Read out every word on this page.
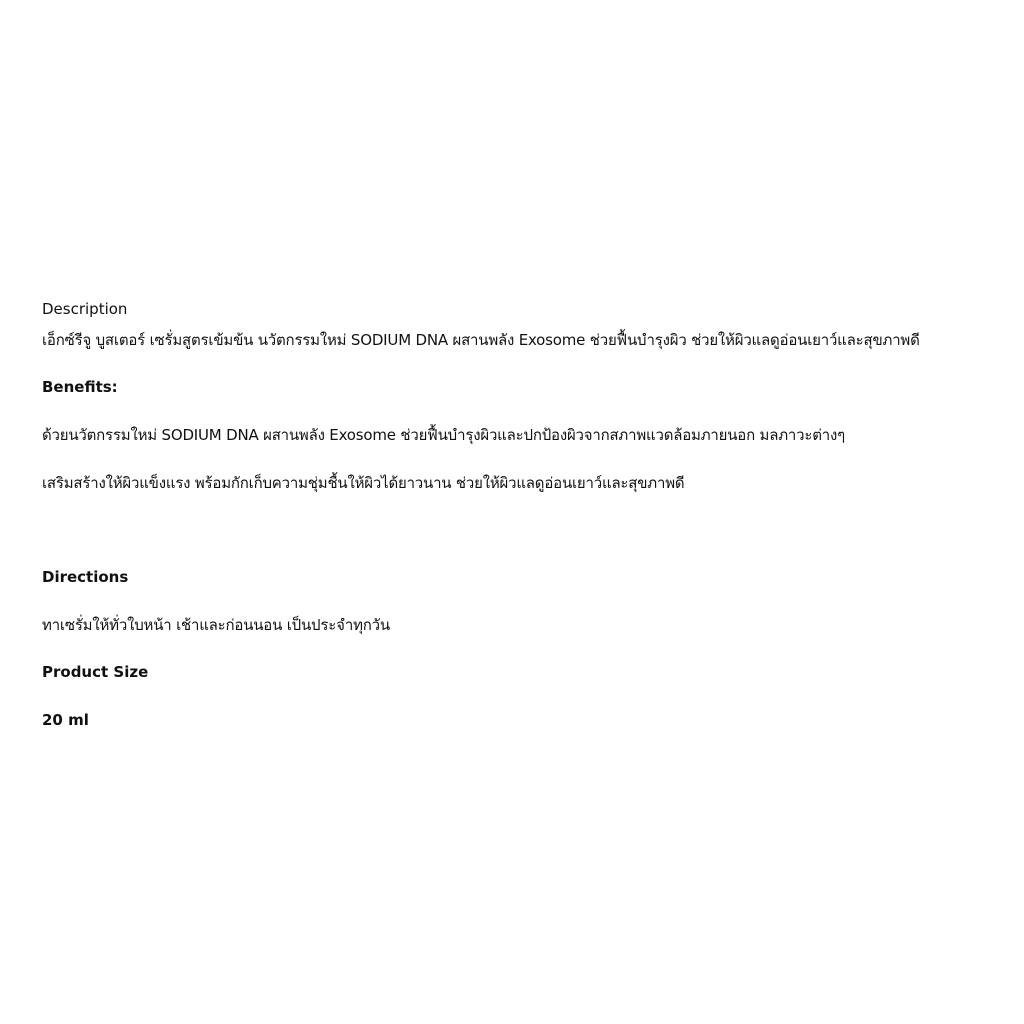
Description
เอ็กซ์รีจู บูสเตอร์ เซรั่มสูตรเข้มข้น นวัตกรรมใหม่ SODIUM DNA ผสานพลัง Exosome ช่วยฟื้นบำรุงผิว ช่วยให้ผิวแลดูอ่อนเยาว์และสุขภาพดี
Benefits:
ด้วยนวัตกรรมใหม่ SODIUM DNA ผสานพลัง Exosome ช่วยฟื้นบำรุงผิวและปกป้องผิวจากสภาพแวดล้อมภายนอก มลภาวะต่างๆ
เสริมสร้างให้ผิวแข็งแรง พร้อมกักเก็บความชุ่มชื้นให้ผิวได้ยาวนาน ช่วยให้ผิวแลดูอ่อนเยาว์และสุขภาพดี
Directions
ทาเซรั่มให้ทั่วใบหน้า เช้าและก่อนนอน เป็นประจำทุกวัน
Product Size
20 ml
